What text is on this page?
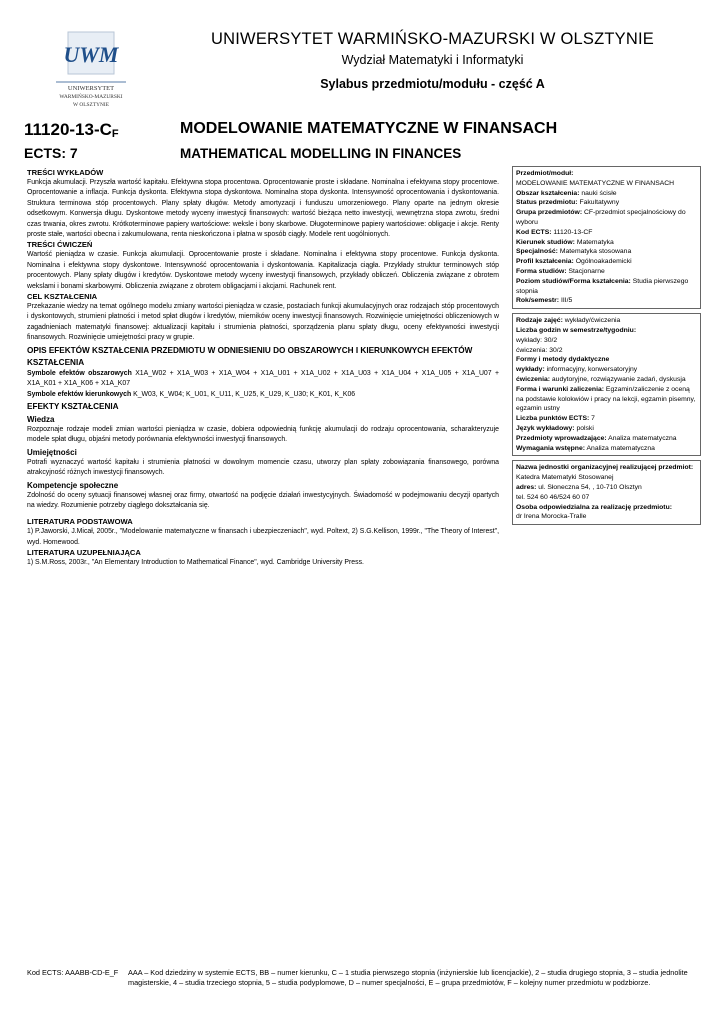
UWM
UNIWERSYTET
WARMIŃSKO-MAZURSKI
W OLSZTYNIE
UNIWERSYTET WARMIŃSKO-MAZURSKI W OLSZTYNIE
Wydział Matematyki i Informatyki
Sylabus przedmiotu/modułu - część A
$11120-13-C_F$
ECTS: 7
MODELOWANIE MATEMATYCZNE W FINANSACH
MATHEMATICAL MODELLING IN FINANCES
TREŚCI WYKŁADÓW

Funkcja akumulacji. Przyszła wartość kapitału. Efektywna stopa procentowa. Oprocentowanie proste i składane. Nominalna i efektywna stopy procentowe. Oprocentowanie a inflacja. Funkcja dyskonta. Efektywna stopa dyskontowa. Nominalna stopa dyskonta. Intensywność oprocentowania i dyskontowania. Struktura terminowa stóp procentowych. Plany spłaty długów. Metody amortyzacji i funduszu umorzeniowego. Plany oparte na jednym okresie odsetkowym. Konwersja długu. Dyskontowe metody wyceny inwestycji finansowych: wartość bieżąca netto inwestycji, wewnętrzna stopa zwrotu, średni czas trwania, okres zwrotu. Krótkoterminowe papiery wartościowe: weksle i bony skarbowe. Długoterminowe papiery wartościowe: obligacje i akcje. Renty proste stałe, wartości obecna i zakumulowana, renta nieskończona i płatna w sposób ciągły. Modele rent uogólnionych.

TREŚCI ĆWICZEŃ

Wartość pieniądza w czasie. Funkcja akumulacji. Oprocentowanie proste i składane. Nominalna i efektywna stopy procentowe. Funkcja dyskonta. Nominalna i efektywna stopy dyskontowe. Intensywność oprocentowania i dyskontowania. Kapitalizacja ciągła. Przykłady struktur terminowych stóp procentowych. Plany spłaty długów i kredytów. Dyskontowe metody wyceny inwestycji finansowych, przykłady obliczeń. Obliczenia związane z obrotem wekslami i bonami skarbowymi. Obliczenia związane z obrotem obligacjami i akcjami. Rachunek rent.

CEL KSZTAŁCENIA

Przekazanie wiedzy na temat ogólnego modelu zmiany wartości pieniądza w czasie, postaciach funkcji akumulacyjnych oraz rodzajach stóp procentowych i dyskontowych, strumieni płatności i metod spłat długów i kredytów, mierników oceny inwestycji finansowych. Rozwinięcie umiejętności obliczeniowych w zagadnieniach matematyki finansowej: aktualizacji kapitału i strumienia płatności, sporządzenia planu spłaty długu, oceny efektywności inwestycji finansowych. Rozwinięcie umiejętności pracy w grupie.

OPIS EFEKTÓW KSZTAŁCENIA PRZEDMIOTU W ODNIESIENIU DO OBSZAROWYCH I KIERUNKOWYCH EFEKTÓW KSZTAŁCENIA

Symbole efektów obszarowych X1A_W02 + X1A_W03 + X1A_W04 + X1A_U01 + X1A_U02 + X1A_U03 + X1A_U04 + X1A_U05 + X1A_U07 + X1A_K01 + X1A_K06 + X1A_K07

Symbole efektów kierunkowych K_W03, K_W04; K_U01, K_U11, K_U25, K_U29, K_U30; K_K01, K_K06

EFEKTY KSZTAŁCENIA
Wiedza

Rozpoznaje rodzaje modeli zmian wartości pieniądza w czasie, dobiera odpowiednią funkcję akumulacji do rodzaju oprocentowania, scharakteryzuje modele spłat długu, objaśni metody porównania efektywności inwestycji finansowych.

Umiejętności

Potrafi wyznaczyć wartość kapitału i strumienia płatności w dowolnym momencie czasu, utworzy plan spłaty zobowiązania finansowego, porówna atrakcyjność różnych inwestycji finansowych.

Kompetencje społeczne

Zdolność do oceny sytuacji finansowej własnej oraz firmy, otwartość na podjęcie działań inwestycyjnych. Świadomość w podejmowaniu decyzji opartych na wiedzy. Rozumienie potrzeby ciągłego dokształcania się.

LITERATURA PODSTAWOWA

1) P.Jaworski, J.Micał, 2005r., "Modelowanie matematyczne w finansach i ubezpieczeniach", wyd. Poltext, 2) S.G.Kellison, 1999r., "The Theory of Interest", wyd. Homewood.

LITERATURA UZUPEŁNIAJĄCA

1) S.M.Ross, 2003r., "An Elementary Introduction to Mathematical Finance", wyd. Cambridge University Press.

Przedmiot/moduł:
MODELOWANIE MATEMATYCZNE W FINANSACH
Obszar kształcenia: nauki ścisłe
Status przedmiotu: Fakultatywny
Grupa przedmiotów: CF-przedmiot specjalnościowy do wyboru
Kod ECTS: 11120-13-CF
Kierunek studiów: Matematyka
Specjalność: Matematyka stosowana
Profil kształcenia: Ogólnoakademicki
Forma studiów: Stacjonarne
Poziom studiów/Forma kształcenia: Studia pierwszego stopnia
Rok/semestr: III/5
Rodzaje zajęć: wykłady/ćwiczenia
Liczba godzin w semestrze/tygodniu:
wykłady: 30/2
ćwiczenia: 30/2
Formy i metody dydaktyczne
wykłady: informacyjny, konwersatoryjny
ćwiczenia: audytoryjne, rozwiązywanie zadań, dyskusja
Forma i warunki zaliczenia: Egzamin/zaliczenie z oceną na podstawie kolokwiów i pracy na lekcji, egzamin pisemny, egzamin ustny
Liczba punktów ECTS: 7
Język wykładowy: polski
Przedmioty wprowadzające: Analiza matematyczna
Wymagania wstępne: Analiza matematyczna
Nazwa jednostki organizacyjnej realizującej przedmiot:
Katedra Matematyki Stosowanej
adres: ul. Słoneczna 54, , 10-710 Olsztyn
tel. 524 60 46/524 60 07
Osoba odpowiedzialna za realizację przedmiotu:
dr Irena Morocka-Tralle
Kod ECTS: AAABB-CD-E_F AAA – Kod dziedziny w systemie ECTS, BB – numer kierunku, C – 1 studia pierwszego stopnia (inżynierskie lub licencjackie), 2 – studia drugiego stopnia, 3 – studia jednolite magisterskie, 4 – studia trzeciego stopnia, 5 – studia podyplomowe, D – numer specjalności, E – grupa przedmiotów, F – kolejny numer przedmiotu w podzbiorze.
